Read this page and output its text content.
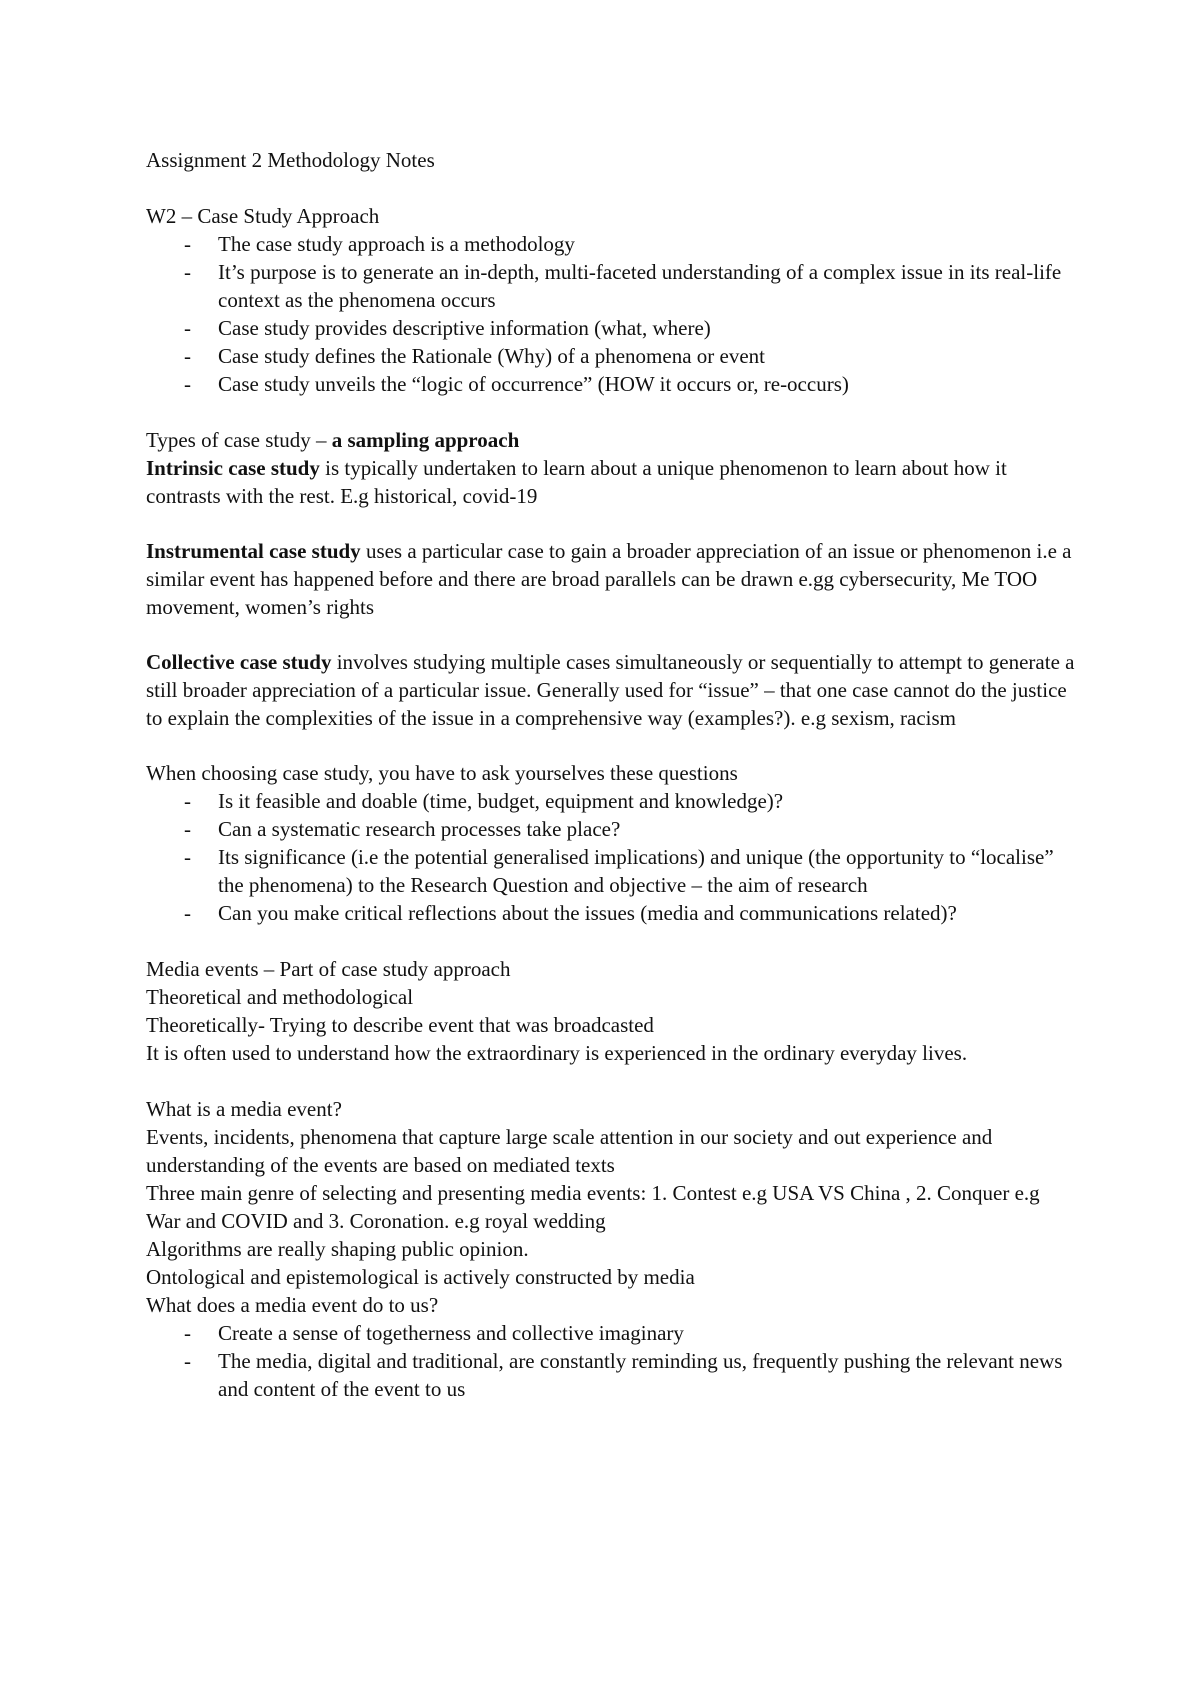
Assignment 2 Methodology Notes

W2 – Case Study Approach

- The case study approach is a methodology
- It’s purpose is to generate an in-depth, multi-faceted understanding of a complex issue in its real-life context as the phenomena occurs
- Case study provides descriptive information (what, where)
- Case study defines the Rationale (Why) of a phenomena or event
- Case study unveils the “logic of occurrence” (HOW it occurs or, re-occurs)

Types of case study – a sampling approach

Intrinsic case study is typically undertaken to learn about a unique phenomenon to learn about how it contrasts with the rest. E.g historical, covid-19

Instrumental case study uses a particular case to gain a broader appreciation of an issue or phenomenon i.e a similar event has happened before and there are broad parallels can be drawn e.gg cybersecurity, Me TOO movement, women’s rights

Collective case study involves studying multiple cases simultaneously or sequentially to attempt to generate a still broader appreciation of a particular issue. Generally used for “issue” – that one case cannot do the justice to explain the complexities of the issue in a comprehensive way (examples?). e.g sexism, racism

When choosing case study, you have to ask yourselves these questions

- Is it feasible and doable (time, budget, equipment and knowledge)?
- Can a systematic research processes take place?
- Its significance (i.e the potential generalised implications) and unique (the opportunity to “localise” the phenomena) to the Research Question and objective – the aim of research
- Can you make critical reflections about the issues (media and communications related)?

Media events – Part of case study approach

Theoretical and methodological

Theoretically- Trying to describe event that was broadcasted

It is often used to understand how the extraordinary is experienced in the ordinary everyday lives.

What is a media event?

Events, incidents, phenomena that capture large scale attention in our society and out experience and understanding of the events are based on mediated texts

Three main genre of selecting and presenting media events: 1. Contest e.g USA VS China , 2. Conquer e.g War and COVID and 3. Coronation. e.g royal wedding

Algorithms are really shaping public opinion.

Ontological and epistemological is actively constructed by media

What does a media event do to us?

- Create a sense of togetherness and collective imaginary
- The media, digital and traditional, are constantly reminding us, frequently pushing the relevant news and content of the event to us
